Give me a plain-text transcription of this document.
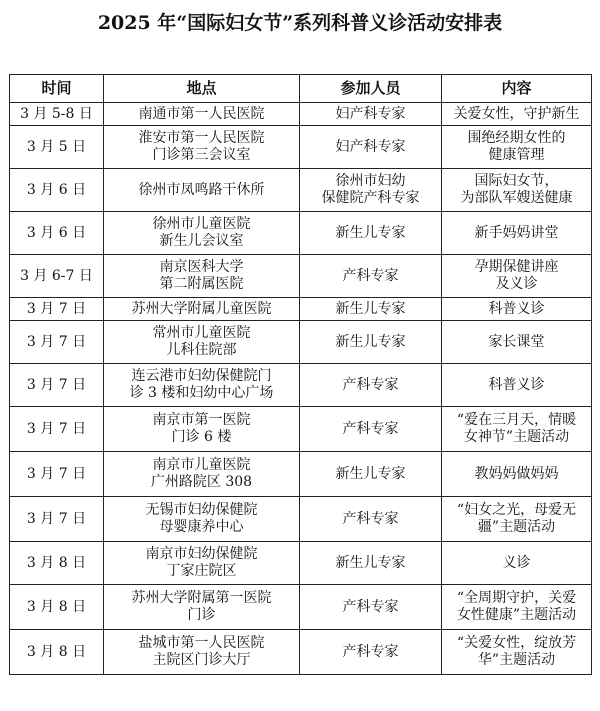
2025 年“国际妇女节”系列科普义诊活动安排表
时间	地点	参加人员	内容
3 月 5-8 日	南通市第一人民医院	妇产科专家	关爱女性，守护新生

3 月 5 日	淮安市第一人民医院
门诊第三会议室	妇产科专家	围绝经期女性的
健康管理

3 月 6 日	徐州市凤鸣路干休所	徐州市妇幼
保健院产科专家	国际妇女节，
为部队军嫂送健康

3 月 6 日	徐州市儿童医院
新生儿会议室	新生儿专家	新手妈妈讲堂

3 月 6-7 日	南京医科大学
第二附属医院	产科专家	孕期保健讲座
及义诊

3 月 7 日	苏州大学附属儿童医院	新生儿专家	科普义诊

3 月 7 日	常州市儿童医院
儿科住院部	新生儿专家	家长课堂

3 月 7 日	连云港市妇幼保健院门
诊 3 楼和妇幼中心广场	产科专家	科普义诊

3 月 7 日	南京市第一医院
门诊 6 楼	产科专家	“爱在三月天，情暖
女神节”主题活动

3 月 7 日	南京市儿童医院
广州路院区 308	新生儿专家	教妈妈做妈妈

3 月 7 日	无锡市妇幼保健院
母婴康养中心	产科专家	“妇女之光，母爱无
疆”主题活动

3 月 8 日	南京市妇幼保健院
丁家庄院区	新生儿专家	义诊

3 月 8 日	苏州大学附属第一医院
门诊	产科专家	“全周期守护，关爱
女性健康”主题活动

3 月 8 日	盐城市第一人民医院
主院区门诊大厅	产科专家	“关爱女性，绽放芳
华”主题活动
